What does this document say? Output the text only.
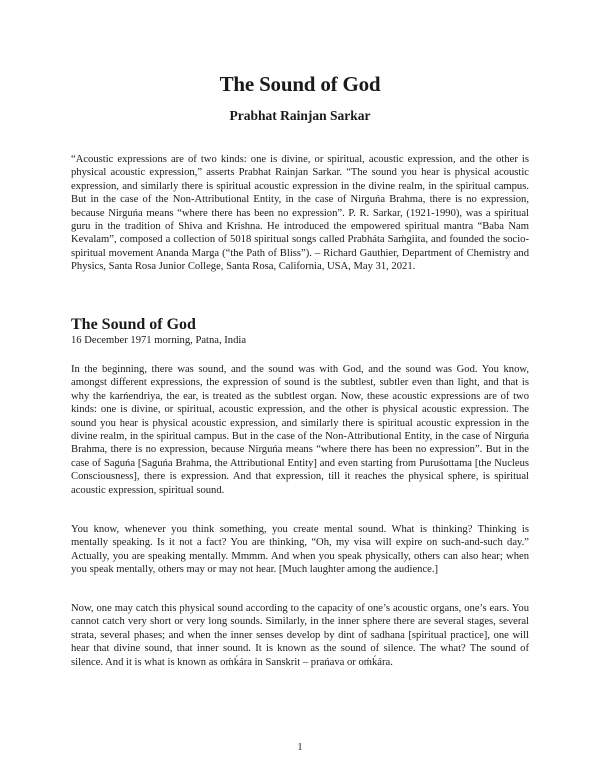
The Sound of God

Prabhat Rainjan Sarkar

“Acoustic expressions are of two kinds: one is divine, or spiritual, acoustic expression, and the other is physical acoustic expression,” asserts Prabhat Rainjan Sarkar. “The sound you hear is physical acoustic expression, and similarly there is spiritual acoustic expression in the divine realm, in the spiritual campus. But in the case of the Non-Attributional Entity, in the case of Nirguńa Brahma, there is no expression, because Nirguńa means “where there has been no expression”. P. R. Sarkar, (1921-1990), was a spiritual guru in the tradition of Shiva and Krishna. He introduced the empowered spiritual mantra “Baba Nam Kevalam”, composed a collection of 5018 spiritual songs called Prabháta Saḿgiita, and founded the socio-spiritual movement Ananda Marga (“the Path of Bliss”). – Richard Gauthier, Department of Chemistry and Physics, Santa Rosa Junior College, Santa Rosa, California, USA, May 31, 2021.

The Sound of God

16 December 1971 morning, Patna, India

In the beginning, there was sound, and the sound was with God, and the sound was God. You know, amongst different expressions, the expression of sound is the subtlest, subtler even than light, and that is why the karńendriya, the ear, is treated as the subtlest organ. Now, these acoustic expressions are of two kinds: one is divine, or spiritual, acoustic expression, and the other is physical acoustic expression. The sound you hear is physical acoustic expression, and similarly there is spiritual acoustic expression in the divine realm, in the spiritual campus. But in the case of the Non-Attributional Entity, in the case of Nirguńa Brahma, there is no expression, because Nirguńa means “where there has been no expression”. But in the case of Saguńa [Saguńa Brahma, the Attributional Entity] and even starting from Puruśottama [the Nucleus Consciousness], there is expression. And that expression, till it reaches the physical sphere, is spiritual acoustic expression, spiritual sound.

You know, whenever you think something, you create mental sound. What is thinking? Thinking is mentally speaking. Is it not a fact? You are thinking, “Oh, my visa will expire on such-and-such day.” Actually, you are speaking mentally. Mmmm. And when you speak physically, others can also hear; when you speak mentally, others may or may not hear. [Much laughter among the audience.]

Now, one may catch this physical sound according to the capacity of one’s acoustic organs, one’s ears. You cannot catch very short or very long sounds. Similarly, in the inner sphere there are several stages, several strata, several phases; and when the inner senses develop by dint of sadhana [spiritual practice], one will hear that divine sound, that inner sound. It is known as the sound of silence. The what? The sound of silence. And it is what is known as oḿḱára in Sanskrit – prańava or oḿḱára.

1
